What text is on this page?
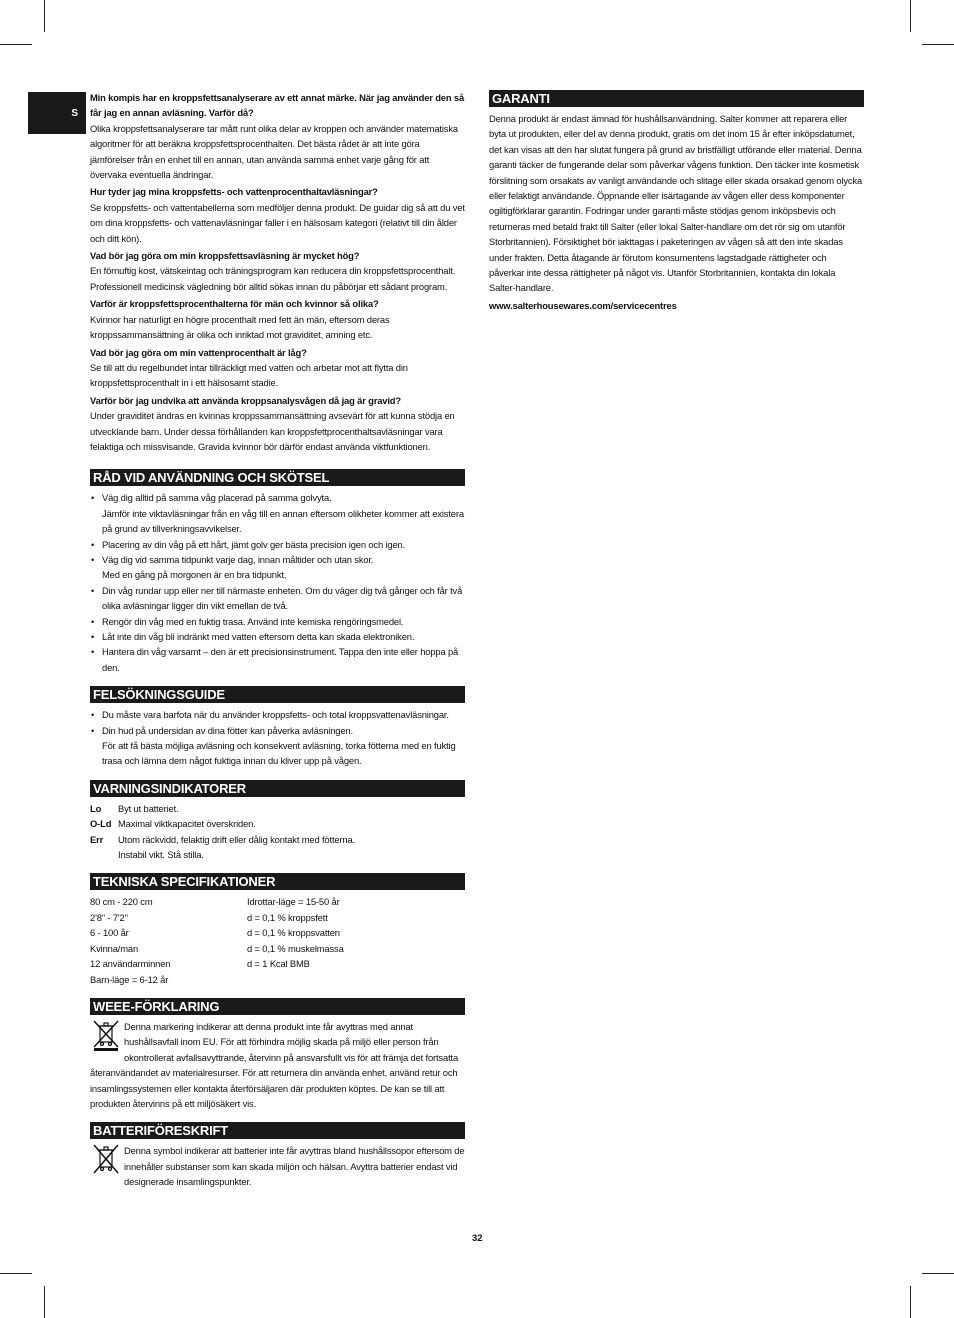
S

Min kompis har en kroppsfettsanalyserare av ett annat märke. När jag använder den så får jag en annan avläsning. Varför då?

Olika kroppsfettsanalyserare tar mått runt olika delar av kroppen och använder matematiska algoritmer för att beräkna kroppsfettsprocenthalten. Det bästa rådet är att inte göra jämförelser från en enhet till en annan, utan använda samma enhet varje gång för att övervaka eventuella ändringar.

Hur tyder jag mina kroppsfetts- och vattenprocenthaltavläsningar?

Se kroppsfetts- och vattentabellerna som medföljer denna produkt. De guidar dig så att du vet om dina kroppsfetts- och vattenavläsningar faller i en hälsosam kategori (relativt till din ålder och ditt kön).

Vad bör jag göra om min kroppsfettsavläsning är mycket hög?

En förnuftig kost, vätskeintag och träningsprogram kan reducera din kroppsfettsprocenthalt. Professionell medicinsk vägledning bör alltid sökas innan du påbörjar ett sådant program.

Varför är kroppsfettsprocenthalterna för män och kvinnor så olika?

Kvinnor har naturligt en högre procenthalt med fett än män, eftersom deras kroppssammansättning är olika och inriktad mot graviditet, amning etc.

Vad bör jag göra om min vattenprocenthalt är låg?

Se till att du regelbundet intar tillräckligt med vatten och arbetar mot att flytta din kroppsfettsprocenthalt in i ett hälsosamt stadie.

Varför bör jag undvika att använda kroppsanalysvågen då jag är gravid?

Under graviditet ändras en kvinnas kroppssammansättning avsevärt för att kunna stödja en utvecklande barn. Under dessa förhållanden kan kroppsfettprocenthaltsavläsningar vara felaktiga och missvisande. Gravida kvinnor bör därför endast använda viktfunktionen.

RÅD VID ANVÄNDNING OCH SKÖTSEL
• Väg dig alltid på samma våg placerad på samma golvyta.
Jämför inte viktavläsningar från en våg till en annan eftersom olikheter kommer att existera på grund av tillverkningsavvikelser.
• Placering av din våg på ett hårt, jämt golv ger bästa precision igen och igen.
• Väg dig vid samma tidpunkt varje dag, innan måltider och utan skor.
Med en gång på morgonen är en bra tidpunkt.
• Din våg rundar upp eller ner till närmaste enheten. Om du väger dig två gånger och får två olika avläsningar ligger din vikt emellan de två.
• Rengör din våg med en fuktig trasa. Använd inte kemiska rengöringsmedel.
• Låt inte din våg bli indränkt med vatten eftersom detta kan skada elektroniken.
• Hantera din våg varsamt – den är ett precisionsinstrument. Tappa den inte eller hoppa på den.
FELSÖKNINGSGUIDE
• Du måste vara barfota när du använder kroppsfetts- och total kroppsvattenavläsningar.
• Din hud på undersidan av dina fötter kan påverka avläsningen.
För att få bästa möjliga avläsning och konsekvent avläsning, torka fötterna med en fuktig trasa och lämna dem något fuktiga innan du kliver upp på vågen.
VARNINGSINDIKATORER
Lo	Byt ut batteriet.
O-Ld Maximal viktkapacitet överskriden.
Err	Utom räckvidd, felaktig drift eller dålig kontakt med fötterna.
Instabil vikt. Stå stilla.
TEKNISKA SPECIFIKATIONER
80 cm - 220 cm	Idrottar-läge = 15-50 år
2'8" - 7'2"	d = 0,1 % kroppsfett
6 - 100 år	d = 0,1 % kroppsvatten
Kvinna/man	d = 0,1 % muskelmassa
12 användarminnen	d = 1 Kcal BMB
Barn-läge = 6-12 år
WEEE-FÖRKLARING
Denna markering indikerar att denna produkt inte får avyttras med annat hushållsavfall inom EU. För att förhindra möjlig skada på miljö eller person från okontrollerat avfallsavyttrande, återvinn på ansvarsfullt vis för att främja det fortsatta återanvändandet av materialresurser. För att returnera din använda enhet, använd retur och insamlingssystemen eller kontakta återförsäljaren där produkten köptes. De kan se till att produkten återvinns på ett miljösäkert vis.
BATTERIFÖRESKRIFT
Denna symbol indikerar att batterier inte får avyttras bland hushållssopor eftersom de innehåller substanser som kan skada miljön och hälsan. Avyttra batterier endast vid designerade insamlingspunkter.
GARANTI

Denna produkt är endast ämnad för hushållsanvändning. Salter kommer att reparera eller byta ut produkten, eller del av denna produkt, gratis om det inom 15 år efter inköpsdatumet, det kan visas att den har slutat fungera på grund av bristfälligt utförande eller material. Denna garanti täcker de fungerande delar som påverkar vågens funktion. Den täcker inte kosmetisk förslitning som orsakats av vanligt användande och slitage eller skada orsakad genom olycka eller felaktigt användande. Öppnande eller isärtagande av vågen eller dess komponenter ogiltigförklarar garantin. Fodringar under garanti måste stödjas genom inköpsbevis och returneras med betald frakt till Salter (eller lokal Salter-handlare om det rör sig om utanför Storbritannien). Försiktighet bör iakttagas i paketeringen av vågen så att den inte skadas under frakten. Detta åtagande är förutom konsumentens lagstadgade rättigheter och påverkar inte dessa rättigheter på något vis. Utanför Storbritannien, kontakta din lokala Salter-handlare.

www.salterhousewares.com/servicecentres

32
